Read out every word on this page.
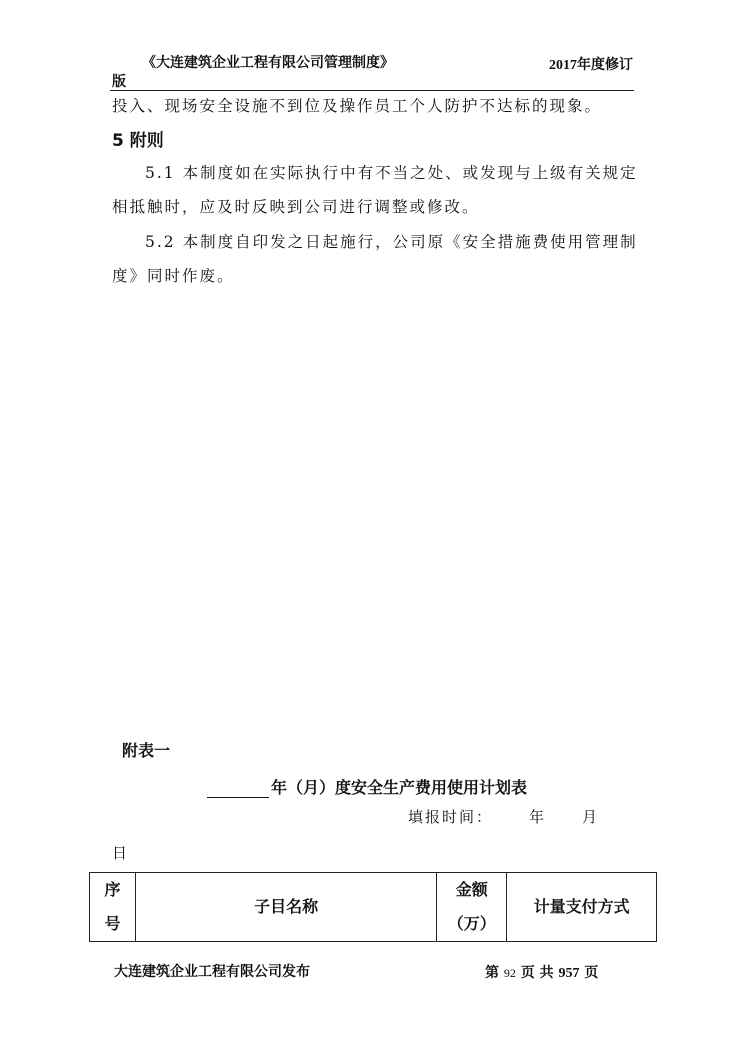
《大连建筑企业工程有限公司管理制度》	2017年度修订
版
投入、现场安全设施不到位及操作员工个人防护不达标的现象。
5 附则
5.1 本制度如在实际执行中有不当之处、或发现与上级有关规定
相抵触时，应及时反映到公司进行调整或修改。
5.2 本制度自印发之日起施行，公司原《安全措施费使用管理制
度》同时作废。
附表一
年（月）度安全生产费用使用计划表
填报时间： 年	月
日
序
号
	子目名称	
金额
（万）
	计量支付方式
大连建筑企业工程有限公司发布	第 92 页 共 957 页
